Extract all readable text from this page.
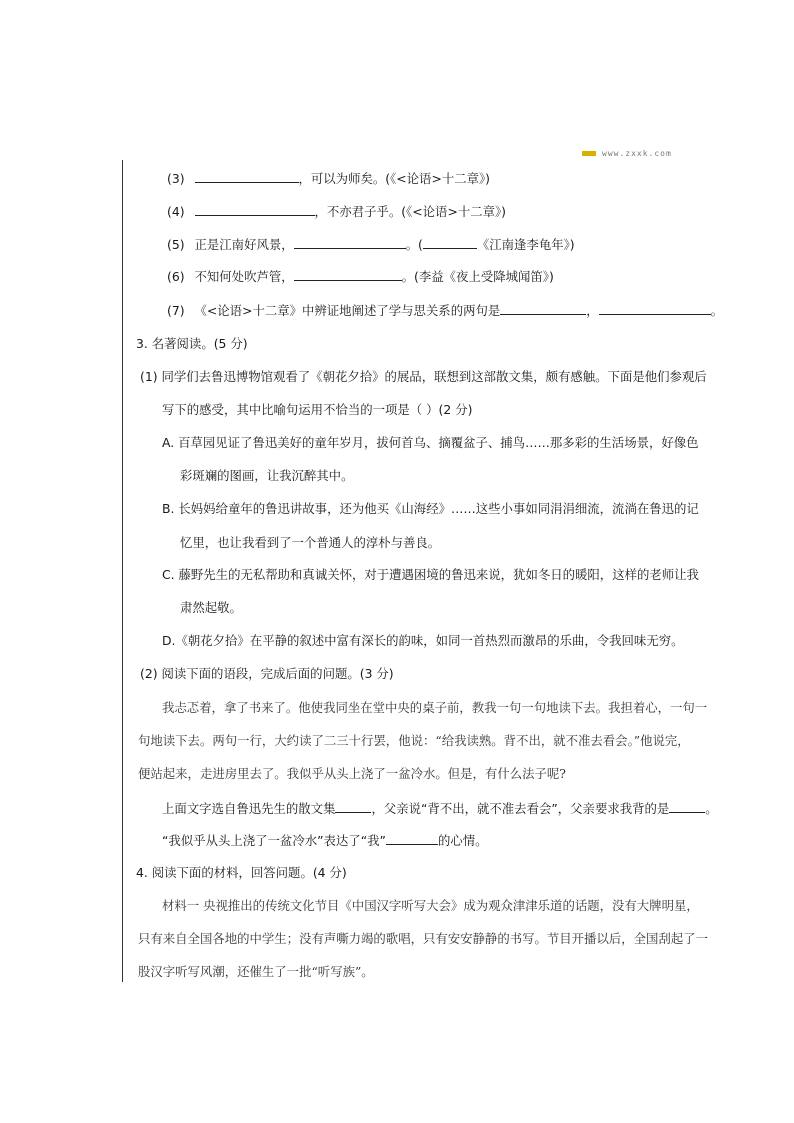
www.zxxk.com
(3)	，可以为师矣。(《<论语>十二章》)
(4)	，不亦君子乎。(《<论语>十二章》)
(5) 正是江南好风景，	。(	《江南逢李龟年》)
(6) 不知何处吹芦管，	。(李益《夜上受降城闻笛》)
(7) 《<论语>十二章》中辨证地阐述了学与思关系的两句是	，	。
3. 名著阅读。(5 分)
(1) 同学们去鲁迅博物馆观看了《朝花夕拾》的展品，联想到这部散文集，颇有感触。下面是他们参观后
写下的感受，其中比喻句运用不恰当的一项是（ ）(2 分)
A. 百草园见证了鲁迅美好的童年岁月，拔何首乌、摘覆盆子、捕鸟……那多彩的生活场景，好像色
彩斑斓的图画，让我沉醉其中。
B. 长妈妈给童年的鲁迅讲故事，还为他买《山海经》……这些小事如同涓涓细流，流淌在鲁迅的记
忆里，也让我看到了一个普通人的淳朴与善良。
C. 藤野先生的无私帮助和真诚关怀，对于遭遇困境的鲁迅来说，犹如冬日的暖阳，这样的老师让我
肃然起敬。
D.《朝花夕拾》在平静的叙述中富有深长的韵味，如同一首热烈而激昂的乐曲，令我回味无穷。
(2) 阅读下面的语段，完成后面的问题。(3 分)
我忐忑着，拿了书来了。他使我同坐在堂中央的桌子前，教我一句一句地读下去。我担着心，一句一
句地读下去。两句一行，大约读了二三十行罢，他说：“给我读熟。背不出，就不准去看会。”他说完，
便站起来，走进房里去了。我似乎从头上浇了一盆冷水。但是，有什么法子呢?
上面文字选自鲁迅先生的散文集	，父亲说“背不出，就不准去看会”，父亲要求我背的是	。
“我似乎从头上浇了一盆冷水”表达了“我”	的心情。
4. 阅读下面的材料，回答问题。(4 分)
材料一 央视推出的传统文化节目《中国汉字听写大会》成为观众津津乐道的话题，没有大牌明星，
只有来自全国各地的中学生；没有声嘶力竭的歌唱，只有安安静静的书写。节目开播以后，全国刮起了一
股汉字听写风潮，还催生了一批“听写族”。
